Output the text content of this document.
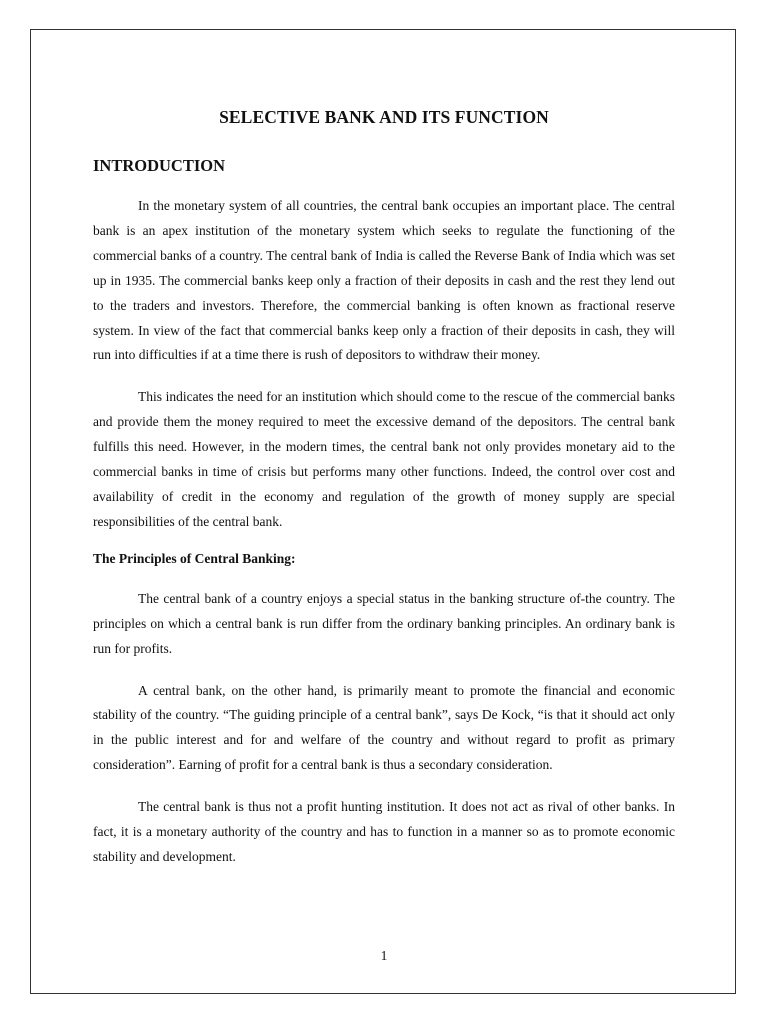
SELECTIVE BANK AND ITS FUNCTION
INTRODUCTION

In the monetary system of all countries, the central bank occupies an important place. The central bank is an apex institution of the monetary system which seeks to regulate the functioning of the commercial banks of a country. The central bank of India is called the Reverse Bank of India which was set up in 1935. The commercial banks keep only a fraction of their deposits in cash and the rest they lend out to the traders and investors. Therefore, the commercial banking is often known as fractional reserve system. In view of the fact that commercial banks keep only a fraction of their deposits in cash, they will run into difficulties if at a time there is rush of depositors to withdraw their money.

This indicates the need for an institution which should come to the rescue of the commercial banks and provide them the money required to meet the excessive demand of the depositors. The central bank fulfills this need. However, in the modern times, the central bank not only provides monetary aid to the commercial banks in time of crisis but performs many other functions. Indeed, the control over cost and availability of credit in the economy and regulation of the growth of money supply are special responsibilities of the central bank.

The Principles of Central Banking:

The central bank of a country enjoys a special status in the banking structure of-the country. The principles on which a central bank is run differ from the ordinary banking principles. An ordinary bank is run for profits.

A central bank, on the other hand, is primarily meant to promote the financial and economic stability of the country. “The guiding principle of a central bank”, says De Kock, “is that it should act only in the public interest and for and welfare of the country and without regard to profit as primary consideration”. Earning of profit for a central bank is thus a secondary consideration.

The central bank is thus not a profit hunting institution. It does not act as rival of other banks. In fact, it is a monetary authority of the country and has to function in a manner so as to promote economic stability and development.

1
